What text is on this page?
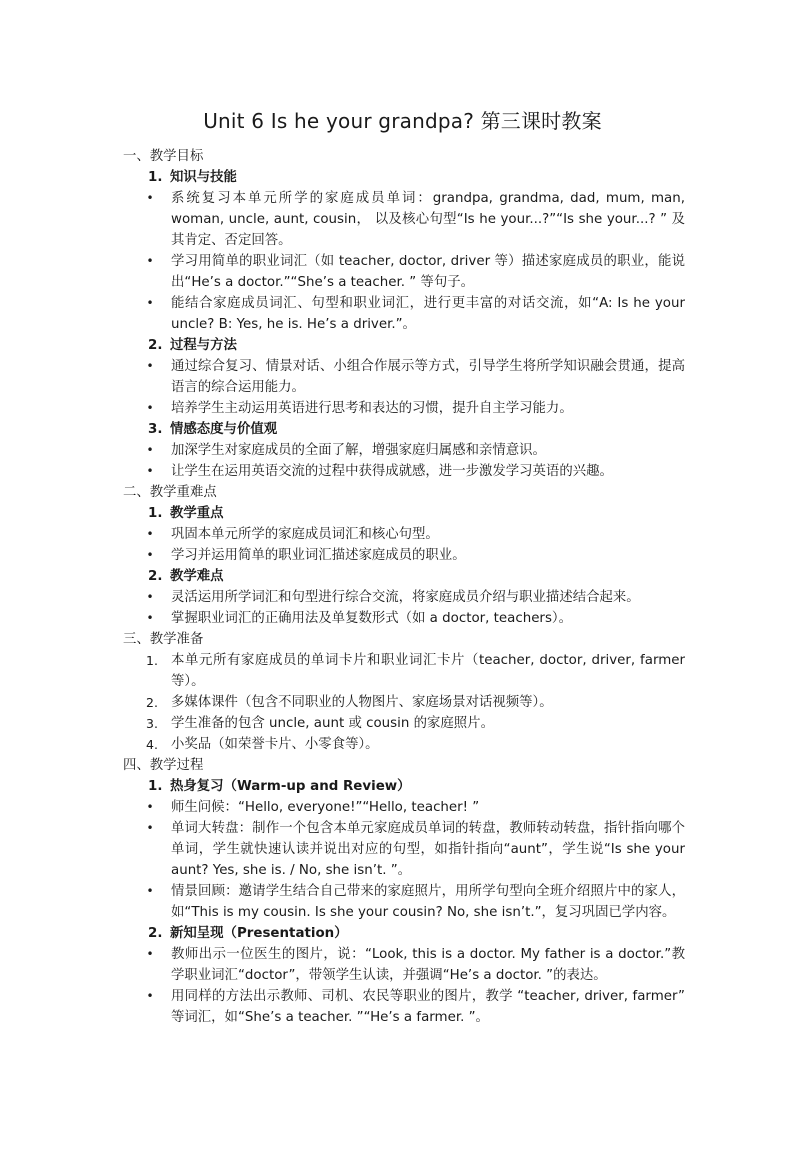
Unit 6 Is he your grandpa? 第三课时教案
一、教学目标
1. 知识与技能
• 系统复习本单元所学的家庭成员单词：grandpa, grandma, dad, mum, man, woman, uncle, aunt, cousin， 以及核心句型“Is he your...?”“Is she your...? ” 及其肯定、否定回答。
• 学习用简单的职业词汇（如 teacher, doctor, driver 等）描述家庭成员的职业，能说出“He’s a doctor.”“She’s a teacher. ” 等句子。
• 能结合家庭成员词汇、句型和职业词汇，进行更丰富的对话交流，如“A: Is he your uncle? B: Yes, he is. He’s a driver.”。
2. 过程与方法
• 通过综合复习、情景对话、小组合作展示等方式，引导学生将所学知识融会贯通，提高语言的综合运用能力。
• 培养学生主动运用英语进行思考和表达的习惯，提升自主学习能力。
3. 情感态度与价值观
• 加深学生对家庭成员的全面了解，增强家庭归属感和亲情意识。
• 让学生在运用英语交流的过程中获得成就感，进一步激发学习英语的兴趣。
二、教学重难点
1. 教学重点
• 巩固本单元所学的家庭成员词汇和核心句型。
• 学习并运用简单的职业词汇描述家庭成员的职业。
2. 教学难点
• 灵活运用所学词汇和句型进行综合交流，将家庭成员介绍与职业描述结合起来。
• 掌握职业词汇的正确用法及单复数形式（如 a doctor, teachers）。
三、教学准备
1. 本单元所有家庭成员的单词卡片和职业词汇卡片（teacher, doctor, driver, farmer 等）。
2. 多媒体课件（包含不同职业的人物图片、家庭场景对话视频等）。
3. 学生准备的包含 uncle, aunt 或 cousin 的家庭照片。
4. 小奖品（如荣誉卡片、小零食等）。
四、教学过程
1. 热身复习（Warm-up and Review）
• 师生问候：“Hello, everyone!”“Hello, teacher! ”
• 单词大转盘：制作一个包含本单元家庭成员单词的转盘，教师转动转盘，指针指向哪个单词，学生就快速认读并说出对应的句型，如指针指向“aunt”，学生说“Is she your aunt? Yes, she is. / No, she isn’t. ”。
• 情景回顾：邀请学生结合自己带来的家庭照片，用所学句型向全班介绍照片中的家人，如“This is my cousin. Is she your cousin? No, she isn’t.”，复习巩固已学内容。
2. 新知呈现（Presentation）
• 教师出示一位医生的图片，说：“Look, this is a doctor. My father is a doctor.”教学职业词汇“doctor”，带领学生认读，并强调“He’s a doctor. ”的表达。
• 用同样的方法出示教师、司机、农民等职业的图片，教学 “teacher, driver, farmer” 等词汇，如“She’s a teacher. ”“He’s a farmer. ”。
